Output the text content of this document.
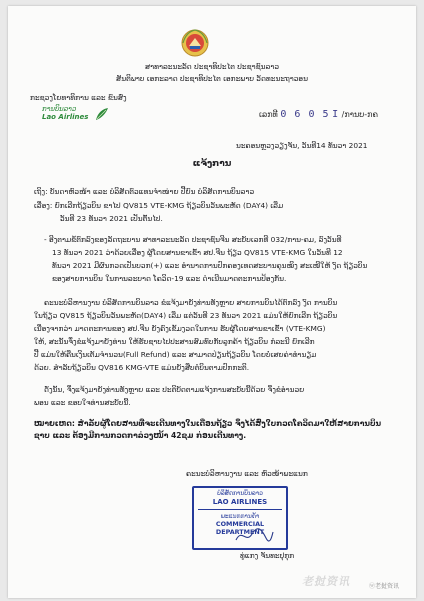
ສາທາລະນະລັດ ປະຊາທິປະໄຕ ປະຊາຊົນລາວ
ສັນຕິພາບ ເອກະລາດ ປະຊາທິປະໄຕ ເອກະພາບ ວັດທະນະຖາວອນ
ກະຊວງໂຍທາທິການ ແລະ ຂົນສົ່ງ
ການບິນລາວ
Lao Airlines	ເລກທີ 0 6 0 5 I /ການບ-ກຄ
ນະຄອນຫຼວງວຽງຈັນ, ວັນທີ14 ທັນວາ 2021
ແຈ້ງການ
ເຖິງ: ບັນດາຫົວໜ້າ ແລະ ບໍລິສັດຕົວແທນຈໍາໜ່າຍ ປີ້ຍົນ ບໍລິສັດການບິນລາວ
ເລື່ອງ: ຍົກເລີກຖ້ຽວບິນ ຂາໄປ QV815 VTE-KMG ຖ້ຽວບິນວັນພະຫັດ (DAY4) ເລີ່ມ
ວັນທີ 23 ທັນວາ 2021 ເປັນຕົ້ນໄປ.
- ອີງຕາມຂໍ້ຕົກລົງຂອງລັດຖະບານ ສາທາລະນະລັດ ປະຊາຊົນຈີນ ສະບັບເລກທີ 032/ການ-ຄມ, ລົງວັນທີ
13 ທັນວາ 2021 ວ່າດ້ວຍເລື່ອງ ຜູ້ໂດຍສານຂາເຂົ້າ ສປ.ຈີນ ຖ້ຽວ QV815 VTE-KMG ໃນວັນທີ 12
ທັນວາ 2021 ມີຜົນກວດເປັນບວກ(+) ແລະ ອໍານາດການປົກຄອງເທດສະບານຄຸນໝິງ ສະເໜີໃຫ້ ງົດ ຖ້ຽວບິນ
ຂອງສາຍການບິນ ໃນການລະບາດ ໂຄວິດ-19 ແລະ ດໍາເນີນມາດຕະການປ້ອງກັນ.
ຄະນະບໍລິຫານງານ ບໍລິສັດການບິນລາວ ຂໍແຈ້ງມາຍັງທ່ານທັງຫຼາຍ ສາຍການບິນໄດ້ຕົກລົງ ງົດ ການບິນ
ໃນຖ້ຽວ QV815 ຖ້ຽວບິນວັນພະຫັດ(DAY4) ເລີ່ມ ແຕ່ວັນທີ 23 ທັນວາ 2021 ແມ່ນໃຫ້ຍົກເລີກ ຖ້ຽວບິນ
ເນື່ອງຈາກວ່າ ມາດຕະການຂອງ ສປ.ຈີນ ຍັງຄົງເຂັ້ມງວດໃນການ ຮັບຜູ້ໂດຍສານຂາເຂົ້າ (VTE-KMG)
ໃຫ້, ສະນັ້ນຈຶ່ງຂໍແຈ້ງມາຍັງທ່ານ ໃຫ້ຮັບຊາບໄປປະສານສົມທົບກັບລູກຄ້າ ຖ້ຽວບິນ ກໍລະນີ ຍົກເລີກ
ປີ້ ແມ່ນໃຫ້ຄືນເງິນເຕັມຈໍານວນ(Full Refund) ແລະ ສາມາດປ່ຽນຖ້ຽວບິນ ໂດຍບໍ່ເສຍຄ່າທໍານຽມ
ດ້ວຍ. ສໍາລັບຖ້ຽວບິນ QV816 KMG-VTE ແມ່ນຍັງສືບຕໍ່ບິນຕາມປົກກະຕິ.
ດັ່ງນັ້ນ, ຈຶ່ງແຈ້ງມາຍັງທ່ານທັງຫຼາຍ ແລະ ປະຕິບັດຕາມແຈ້ງການສະບັບນີ້ດ້ວຍ ຈຶ່ງຂໍອໍານວຍ
ພອນ ແລະ ຂອບໃຈທ່ານສະບັບນີ້.
ໝາຍເຫດ: ສໍາລັບຜູ້ໂດຍສານທີ່ຈະເດີນທາງໃນເດືອນຖ້ຽວ ຈຶ່ງໄດ້ສົ່ງໃບກວດໂຄວິດມາໃຫ້ສາຍການບິນ ຊາບ ແລະ ຕ້ອງມີການກວດກາລ່ວງໜ້າ 42ຊມ ກ່ອນເດີນທາງ.
ຄະນະບໍລິຫານງານ ແລະ ຫົວໜ້າພະແນກ
ບໍລິສັດການບິນລາວ
LAO AIRLINES
ພະແນກການຄ້າ
COMMERCIAL DEPARTMENT
ທູ່ແກງ ຈັນທະປຸກຸກ
老挝资讯	ⓦ老挝资讯
